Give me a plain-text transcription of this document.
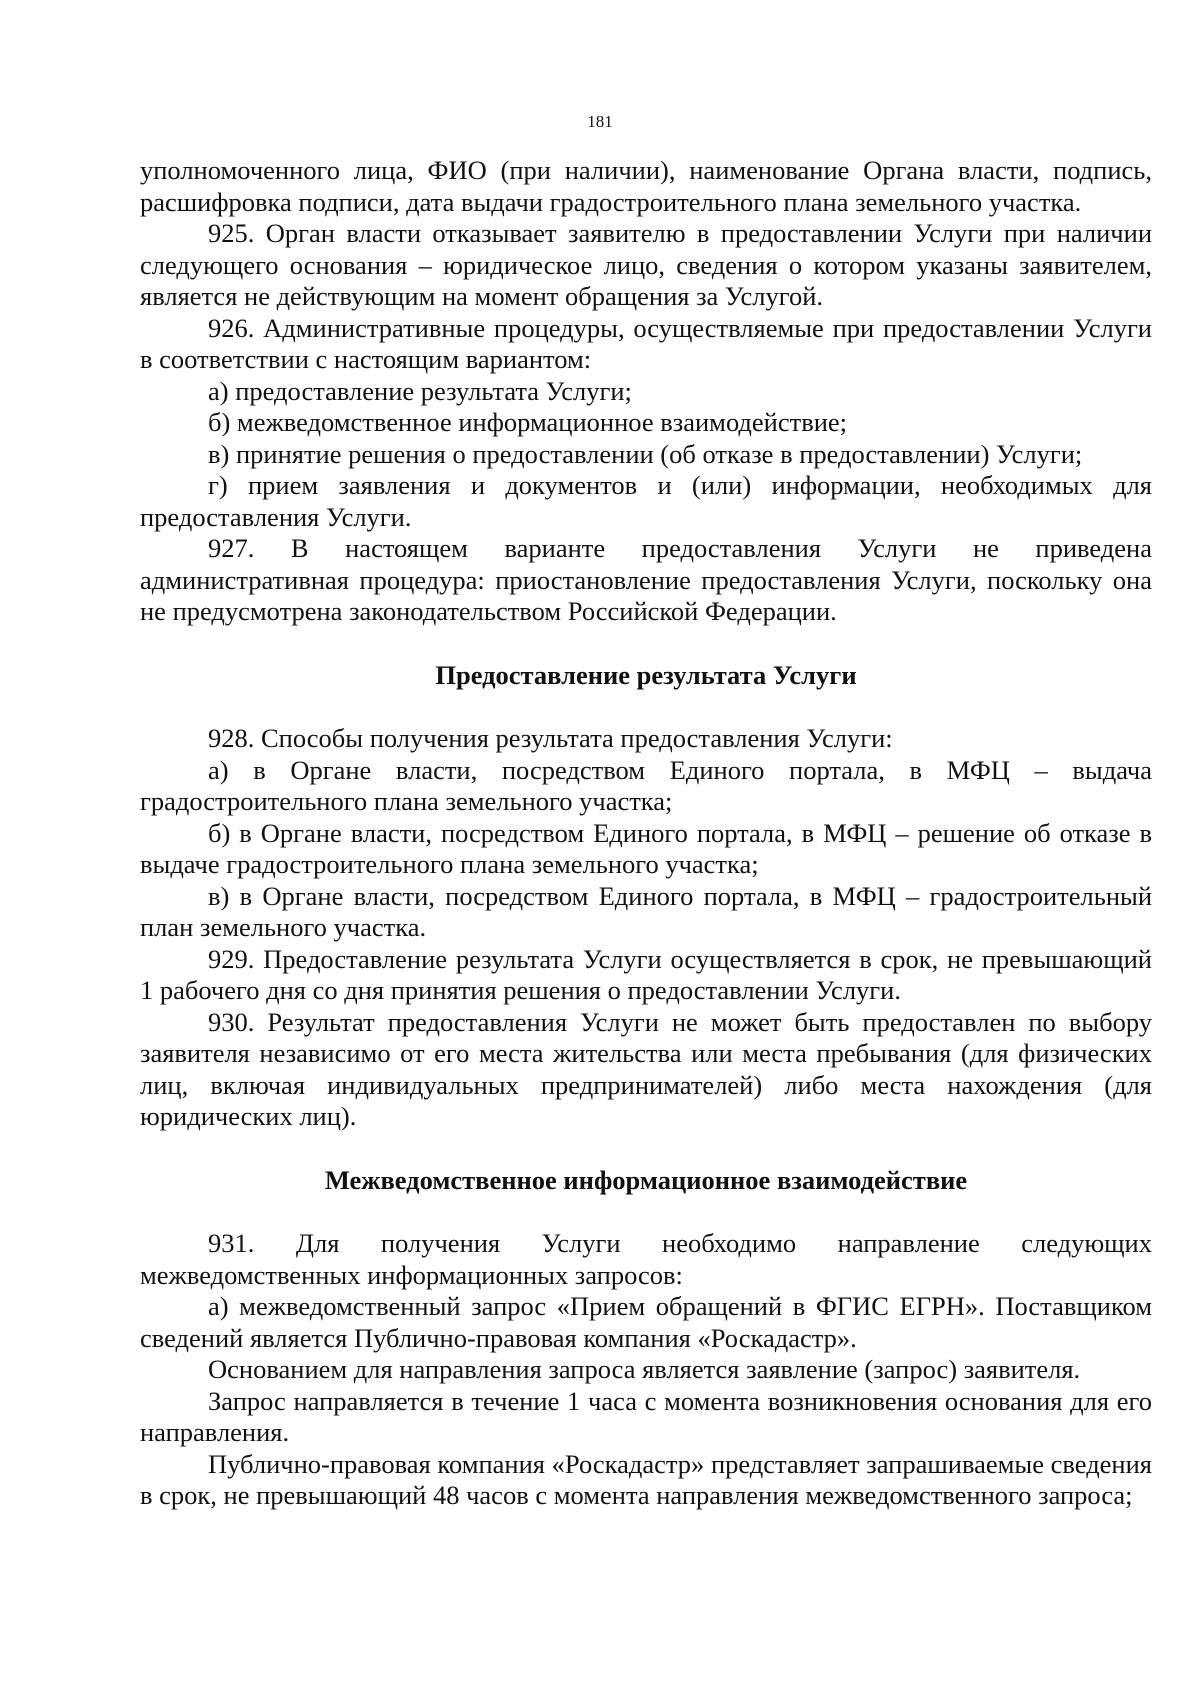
181

уполномоченного лица, ФИО (при наличии), наименование Органа власти, подпись, расшифровка подписи, дата выдачи градостроительного плана земельного участка.

925. Орган власти отказывает заявителю в предоставлении Услуги при наличии следующего основания – юридическое лицо, сведения о котором указаны заявителем, является не действующим на момент обращения за Услугой.

926. Административные процедуры, осуществляемые при предоставлении Услуги в соответствии с настоящим вариантом:

а) предоставление результата Услуги;

б) межведомственное информационное взаимодействие;

в) принятие решения о предоставлении (об отказе в предоставлении) Услуги;

г) прием заявления и документов и (или) информации, необходимых для предоставления Услуги.

927. В настоящем варианте предоставления Услуги не приведена административная процедура: приостановление предоставления Услуги, поскольку она не предусмотрена законодательством Российской Федерации.

Предоставление результата Услуги

928. Способы получения результата предоставления Услуги:

а) в Органе власти, посредством Единого портала, в МФЦ – выдача градостроительного плана земельного участка;

б) в Органе власти, посредством Единого портала, в МФЦ – решение об отказе в выдаче градостроительного плана земельного участка;

в) в Органе власти, посредством Единого портала, в МФЦ – градостроительный план земельного участка.

929. Предоставление результата Услуги осуществляется в срок, не превышающий 1 рабочего дня со дня принятия решения о предоставлении Услуги.

930. Результат предоставления Услуги не может быть предоставлен по выбору заявителя независимо от его места жительства или места пребывания (для физических лиц, включая индивидуальных предпринимателей) либо места нахождения (для юридических лиц).

Межведомственное информационное взаимодействие

931. Для получения Услуги необходимо направление следующих межведомственных информационных запросов:

а) межведомственный запрос «Прием обращений в ФГИС ЕГРН». Поставщиком сведений является Публично-правовая компания «Роскадастр».

Основанием для направления запроса является заявление (запрос) заявителя.

Запрос направляется в течение 1 часа с момента возникновения основания для его направления.

Публично-правовая компания «Роскадастр» представляет запрашиваемые сведения в срок, не превышающий 48 часов с момента направления межведомственного запроса;
